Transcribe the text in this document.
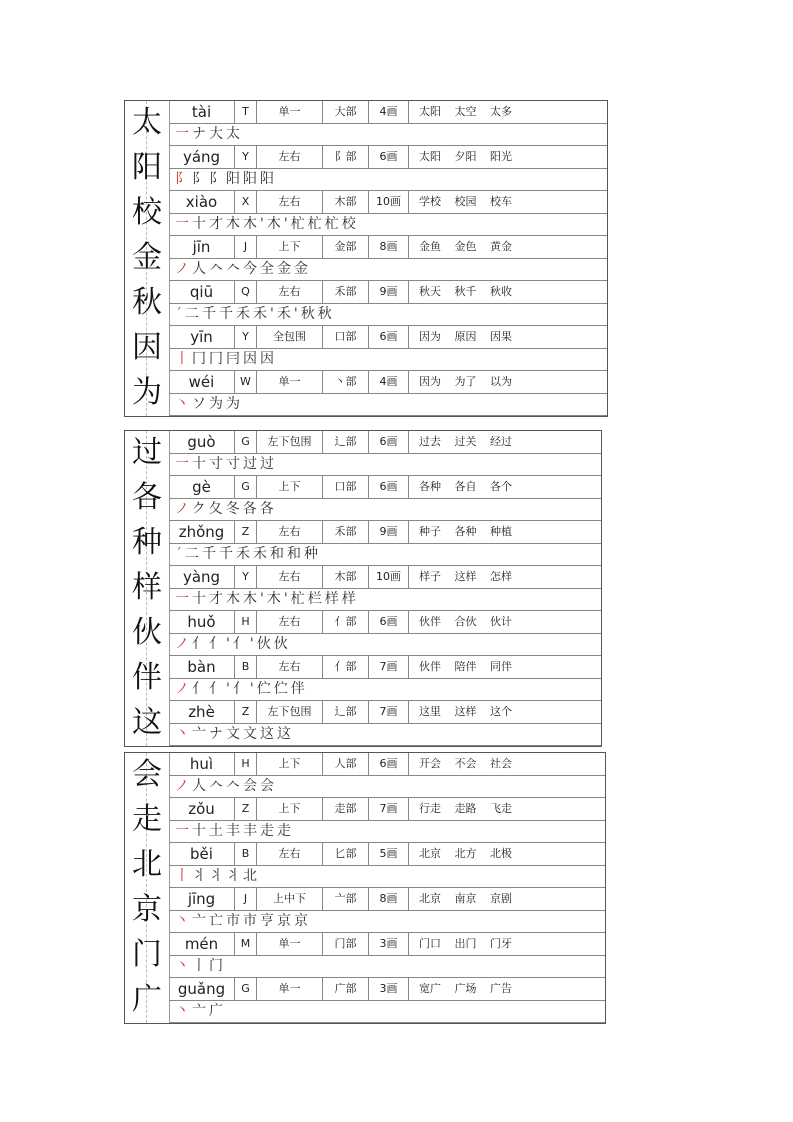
太	tài	T	单一	大部	4画	太阳 太空 太多
一ナ大太
阳	yáng	Y	左右	阝部	6画	太阳 夕阳 阳光
阝阝阝阳阳阳
校	xiào	X	左右	木部	10画	学校 校园 校车
一十才木木'木'杧杧杧校
金	jīn	J	上下	金部	8画	金鱼 金色 黄金
ノ人𠆢𠆢今全金金
秋	qiū	Q	左右	禾部	9画	秋天 秋千 秋收
ˊ二千千禾禾'禾'秋秋
因	yīn	Y	全包围	口部	6画	因为 原因 因果
丨冂冂冃因因
为	wéi	W	单一	丶部	4画	因为 为了 以为
丶ソ为为
过	guò	G	左下包围	辶部	6画	过去 过关 经过
一十寸寸过过
各	gè	G	上下	口部	6画	各种 各自 各个
ノク夂冬各各
种	zhǒng	Z	左右	禾部	9画	种子 各种 种植
ˊ二千千禾禾和和种
样	yàng	Y	左右	木部	10画	样子 这样 怎样
一十才木木'木'杧栏样样
伙	huǒ	H	左右	亻部	6画	伙伴 合伙 伙计
ノ亻亻'亻'伙伙
伴	bàn	B	左右	亻部	7画	伙伴 陪伴 同伴
ノ亻亻'亻'伫伫伴
这	zhè	Z	左下包围	辶部	7画	这里 这样 这个
丶亠ナ文文这这
会	huì	H	上下	人部	6画	开会 不会 社会
ノ人𠆢𠆢会会
走	zǒu	Z	上下	走部	7画	行走 走路 飞走
一十土丰丰走走
北	běi	B	左右	匕部	5画	北京 北方 北极
丨丬丬丬北
京	jīng	J	上中下	亠部	8画	北京 南京 京剧
丶亠亡市市亨京京
门	mén	M	单一	门部	3画	门口 出门 门牙
丶丨门
广	guǎng	G	单一	广部	3画	宽广 广场 广告
丶亠广
